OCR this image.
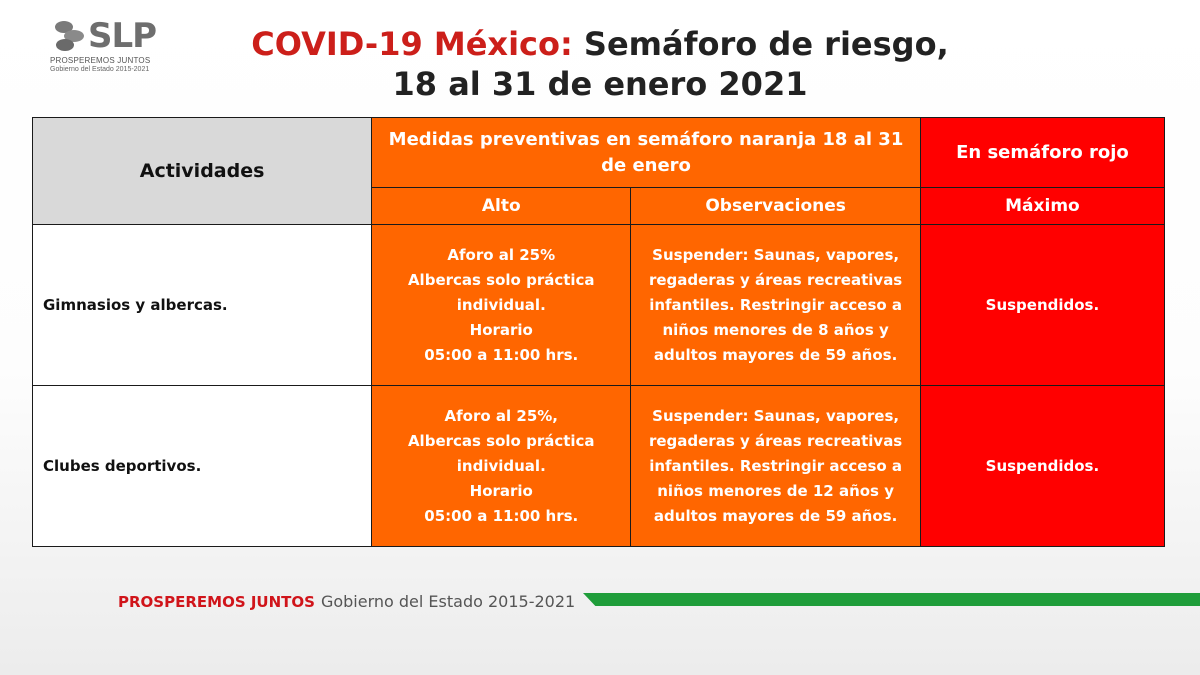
SLP
PROSPEREMOS JUNTOS
Gobierno del Estado 2015-2021
COVID-19 México: Semáforo de riesgo,
18 al 31 de enero 2021
Actividades	Medidas preventivas en semáforo naranja 18 al 31
de enero		En semáforo rojo
	Alto	Observaciones	Máximo
Gimnasios y albercas.	Aforo al 25%
Albercas solo práctica
individual.
Horario
05:00 a 11:00 hrs.	Suspender: Saunas, vapores,
regaderas y áreas recreativas
infantiles. Restringir acceso a
niños menores de 8 años y
adultos mayores de 59 años.	Suspendidos.
Clubes deportivos.	Aforo al 25%,
Albercas solo práctica
individual.
Horario
05:00 a 11:00 hrs.	Suspender: Saunas, vapores,
regaderas y áreas recreativas
infantiles. Restringir acceso a
niños menores de 12 años y
adultos mayores de 59 años.	Suspendidos.
PROSPEREMOS JUNTOS Gobierno del Estado 2015-2021
